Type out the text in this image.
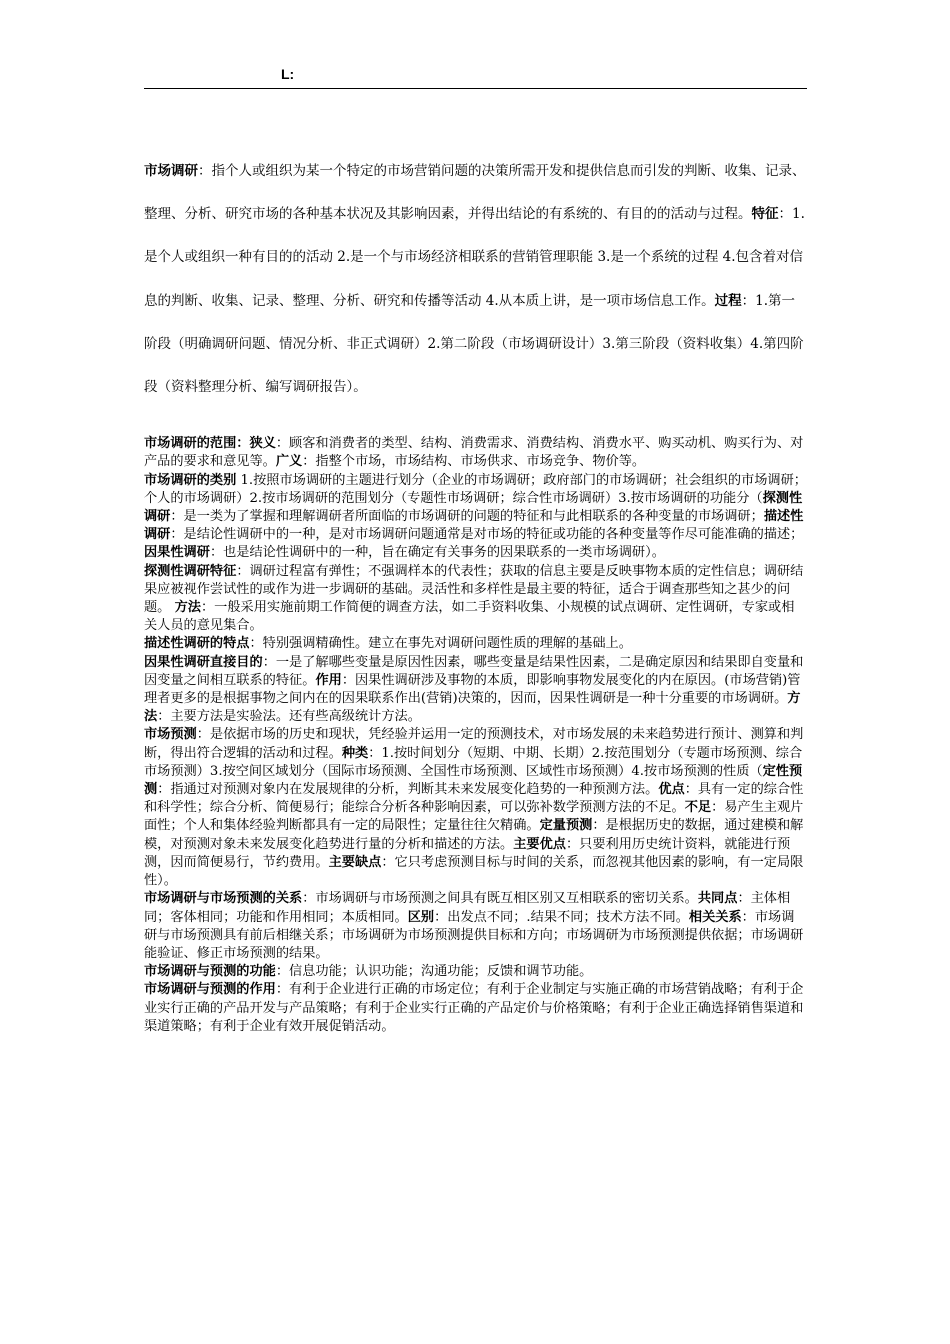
L:

市场调研：指个人或组织为某一个特定的市场营销问题的决策所需开发和提供信息而引发的判断、收集、记录、整理、分析、研究市场的各种基本状况及其影响因素，并得出结论的有系统的、有目的的活动与过程。特征：1.是个人或组织一种有目的的活动 2.是一个与市场经济相联系的营销管理职能 3.是一个系统的过程 4.包含着对信息的判断、收集、记录、整理、分析、研究和传播等活动 4.从本质上讲，是一项市场信息工作。过程：1.第一阶段（明确调研问题、情况分析、非正式调研）2.第二阶段（市场调研设计）3.第三阶段（资料收集）4.第四阶段（资料整理分析、编写调研报告）。

市场调研的范围：狭义：顾客和消费者的类型、结构、消费需求、消费结构、消费水平、购买动机、购买行为、对产品的要求和意见等。广义：指整个市场，市场结构、市场供求、市场竞争、物价等。

市场调研的类别 1.按照市场调研的主题进行划分（企业的市场调研；政府部门的市场调研；社会组织的市场调研；个人的市场调研）2.按市场调研的范围划分（专题性市场调研；综合性市场调研）3.按市场调研的功能分（探测性调研：是一类为了掌握和理解调研者所面临的市场调研的问题的特征和与此相联系的各种变量的市场调研；描述性调研：是结论性调研中的一种，是对市场调研问题通常是对市场的特征或功能的各种变量等作尽可能准确的描述；

因果性调研：也是结论性调研中的一种，旨在确定有关事务的因果联系的一类市场调研）。

探测性调研特征：调研过程富有弹性；不强调样本的代表性；获取的信息主要是反映事物本质的定性信息；调研结果应被视作尝试性的或作为进一步调研的基础。灵活性和多样性是最主要的特征，适合于调查那些知之甚少的问题。 方法：一般采用实施前期工作简便的调查方法，如二手资料收集、小规模的试点调研、定性调研，专家或相关人员的意见集合。

描述性调研的特点：特别强调精确性。建立在事先对调研问题性质的理解的基础上。

因果性调研直接目的：一是了解哪些变量是原因性因素，哪些变量是结果性因素，二是确定原因和结果即自变量和因变量之间相互联系的特征。作用：因果性调研涉及事物的本质，即影响事物发展变化的内在原因。(市场营销)管理者更多的是根据事物之间内在的因果联系作出(营销)决策的，因而，因果性调研是一种十分重要的市场调研。方法：主要方法是实验法。还有些高级统计方法。

市场预测：是依据市场的历史和现状，凭经验并运用一定的预测技术，对市场发展的未来趋势进行预计、测算和判断，得出符合逻辑的活动和过程。种类：1.按时间划分（短期、中期、长期）2.按范围划分（专题市场预测、综合市场预测）3.按空间区域划分（国际市场预测、全国性市场预测、区域性市场预测）4.按市场预测的性质（定性预测：指通过对预测对象内在发展规律的分析，判断其未来发展变化趋势的一种预测方法。优点：具有一定的综合性和科学性；综合分析、简便易行；能综合分析各种影响因素，可以弥补数学预测方法的不足。不足：易产生主观片面性；个人和集体经验判断都具有一定的局限性；定量往往欠精确。定量预测：是根据历史的数据，通过建模和解模，对预测对象未来发展变化趋势进行量的分析和描述的方法。主要优点：只要利用历史统计资料，就能进行预测，因而简便易行，节约费用。主要缺点：它只考虑预测目标与时间的关系，而忽视其他因素的影响，有一定局限性）。

市场调研与市场预测的关系：市场调研与市场预测之间具有既互相区别又互相联系的密切关系。共同点：主体相同；客体相同；功能和作用相同；本质相同。区别：出发点不同；.结果不同；技术方法不同。相关关系：市场调研与市场预测具有前后相继关系；市场调研为市场预测提供目标和方向；市场调研为市场预测提供依据；市场调研能验证、修正市场预测的结果。

市场调研与预测的功能：信息功能；认识功能；沟通功能；反馈和调节功能。

市场调研与预测的作用：有利于企业进行正确的市场定位；有利于企业制定与实施正确的市场营销战略；有利于企业实行正确的产品开发与产品策略；有利于企业实行正确的产品定价与价格策略；有利于企业正确选择销售渠道和渠道策略；有利于企业有效开展促销活动。
